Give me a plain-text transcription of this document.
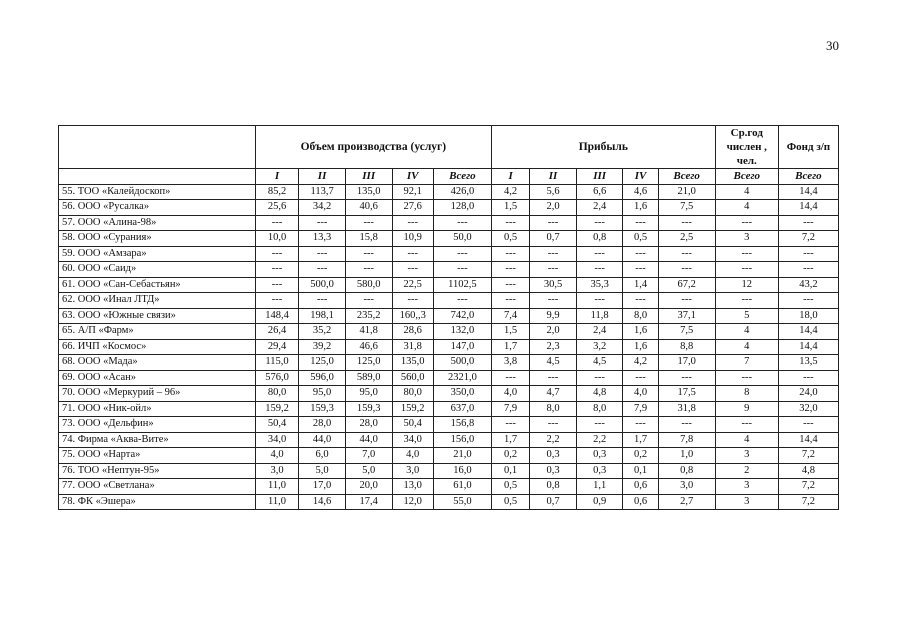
30
	Объем производства (услуг)					Прибыль					Ср.год числен , чел.	Фонд з/п
	I	II	III	IV	Всего	I	II	III	IV	Всего	Всего	Всего
55. ТОО «Калейдоскоп»	85,2	113,7	135,0	92,1	426,0	4,2	5,6	6,6	4,6	21,0	4	14,4
56. ООО «Русалка»	25,6	34,2	40,6	27,6	128,0	1,5	2,0	2,4	1,6	7,5	4	14,4
57. ООО «Алина-98»	---	---	---	---	---	---	---	---	---	---	---	---
58. ООО «Сурания»	10,0	13,3	15,8	10,9	50,0	0,5	0,7	0,8	0,5	2,5	3	7,2
59. ООО «Амзара»	---	---	---	---	---	---	---	---	---	---	---	---
60. ООО «Саид»	---	---	---	---	---	---	---	---	---	---	---	---
61. ООО «Сан-Себастьян»	---	500,0	580,0	22,5	1102,5	---	30,5	35,3	1,4	67,2	12	43,2
62. ООО «Инал ЛТД»	---	---	---	---	---	---	---	---	---	---	---	---
63. ООО «Южные связи»	148,4	198,1	235,2	160,,3	742,0	7,4	9,9	11,8	8,0	37,1	5	18,0
65. А/П «Фарм»	26,4	35,2	41,8	28,6	132,0	1,5	2,0	2,4	1,6	7,5	4	14,4
66. ИЧП «Космос»	29,4	39,2	46,6	31,8	147,0	1,7	2,3	3,2	1,6	8,8	4	14,4
68. ООО «Мада»	115,0	125,0	125,0	135,0	500,0	3,8	4,5	4,5	4,2	17,0	7	13,5
69. ООО «Асан»	576,0	596,0	589,0	560,0	2321,0	---	---	---	---	---	---	---
70. ООО «Меркурий – 96»	80,0	95,0	95,0	80,0	350,0	4,0	4,7	4,8	4,0	17,5	8	24,0
71. ООО «Ник-ойл»	159,2	159,3	159,3	159,2	637,0	7,9	8,0	8,0	7,9	31,8	9	32,0
73. ООО «Дельфин»	50,4	28,0	28,0	50,4	156,8	---	---	---	---	---	---	---
74. Фирма «Аква-Вите»	34,0	44,0	44,0	34,0	156,0	1,7	2,2	2,2	1,7	7,8	4	14,4
75. ООО «Нарта»	4,0	6,0	7,0	4,0	21,0	0,2	0,3	0,3	0,2	1,0	3	7,2
76. ТОО «Нептун-95»	3,0	5,0	5,0	3,0	16,0	0,1	0,3	0,3	0,1	0,8	2	4,8
77. ООО «Светлана»	11,0	17,0	20,0	13,0	61,0	0,5	0,8	1,1	0,6	3,0	3	7,2
78. ФК «Эшера»	11,0	14,6	17,4	12,0	55,0	0,5	0,7	0,9	0,6	2,7	3	7,2
